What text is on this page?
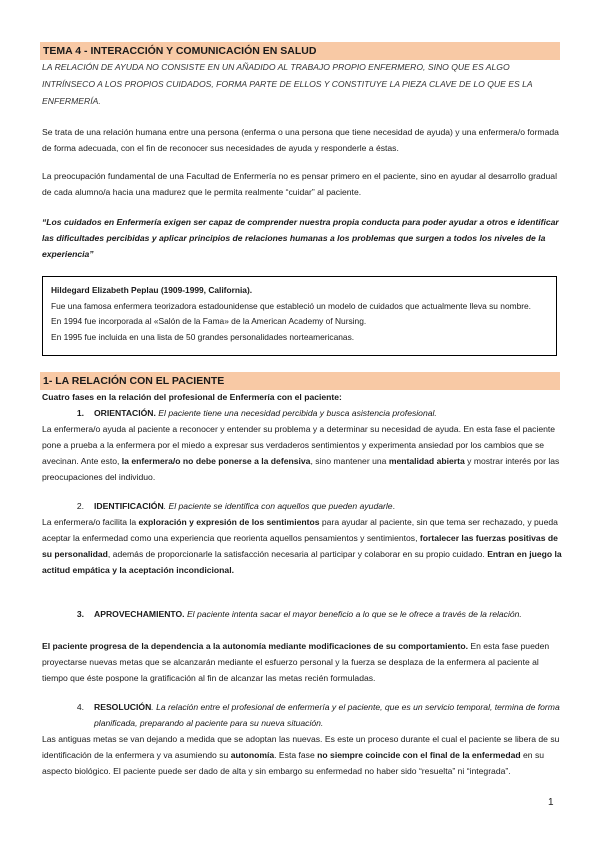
TEMA 4 - INTERACCIÓN Y COMUNICACIÓN EN SALUD
LA RELACIÓN DE AYUDA NO CONSISTE EN UN AÑADIDO AL TRABAJO PROPIO ENFERMERO, SINO QUE ES ALGO INTRÍNSECO A LOS PROPIOS CUIDADOS, FORMA PARTE DE ELLOS Y CONSTITUYE LA PIEZA CLAVE DE LO QUE ES LA ENFERMERÍA.
Se trata de una relación humana entre una persona (enferma o una persona que tiene necesidad de ayuda) y una enfermera/o formada de forma adecuada, con el fin de reconocer sus necesidades de ayuda y responderle a éstas.
La preocupación fundamental de una Facultad de Enfermería no es pensar primero en el paciente, sino en ayudar al desarrollo gradual de cada alumno/a hacia una madurez que le permita realmente “cuidar” al paciente.
“Los cuidados en Enfermería exigen ser capaz de comprender nuestra propia conducta para poder ayudar a otros e identificar las dificultades percibidas y aplicar principios de relaciones humanas a los problemas que surgen a todos los niveles de la experiencia”
Hildegard Elizabeth Peplau (1909-1999, California).
Fue una famosa enfermera teorizadora estadounidense que estableció un modelo de cuidados que actualmente lleva su nombre.
En 1994 fue incorporada al «Salón de la Fama» de la American Academy of Nursing.
En 1995 fue incluida en una lista de 50 grandes personalidades norteamericanas.
1- LA RELACIÓN CON EL PACIENTE
Cuatro fases en la relación del profesional de Enfermería con el paciente:
1. ORIENTACIÓN. El paciente tiene una necesidad percibida y busca asistencia profesional.
La enfermera/o ayuda al paciente a reconocer y entender su problema y a determinar su necesidad de ayuda. En esta fase el paciente pone a prueba a la enfermera por el miedo a expresar sus verdaderos sentimientos y experimenta ansiedad por los cambios que se avecinan. Ante esto, la enfermera/o no debe ponerse a la defensiva, sino mantener una mentalidad abierta y mostrar interés por las preocupaciones del individuo.
2. IDENTIFICACIÓN. El paciente se identifica con aquellos que pueden ayudarle.
La enfermera/o facilita la exploración y expresión de los sentimientos para ayudar al paciente, sin que tema ser rechazado, y pueda aceptar la enfermedad como una experiencia que reorienta aquellos pensamientos y sentimientos, fortalecer las fuerzas positivas de su personalidad, además de proporcionarle la satisfacción necesaria al participar y colaborar en su propio cuidado. Entran en juego la actitud empática y la aceptación incondicional.
3. APROVECHAMIENTO. El paciente intenta sacar el mayor beneficio a lo que se le ofrece a través de la relación.
El paciente progresa de la dependencia a la autonomía mediante modificaciones de su comportamiento. En esta fase pueden proyectarse nuevas metas que se alcanzarán mediante el esfuerzo personal y la fuerza se desplaza de la enfermera al paciente al tiempo que éste pospone la gratificación al fin de alcanzar las metas recién formuladas.
4. RESOLUCIÓN. La relación entre el profesional de enfermería y el paciente, que es un servicio temporal, termina de forma planificada, preparando al paciente para su nueva situación.
Las antiguas metas se van dejando a medida que se adoptan las nuevas. Es este un proceso durante el cual el paciente se libera de su identificación de la enfermera y va asumiendo su autonomía. Esta fase no siempre coincide con el final de la enfermedad en su aspecto biológico. El paciente puede ser dado de alta y sin embargo su enfermedad no haber sido “resuelta” ni “integrada”.
1
